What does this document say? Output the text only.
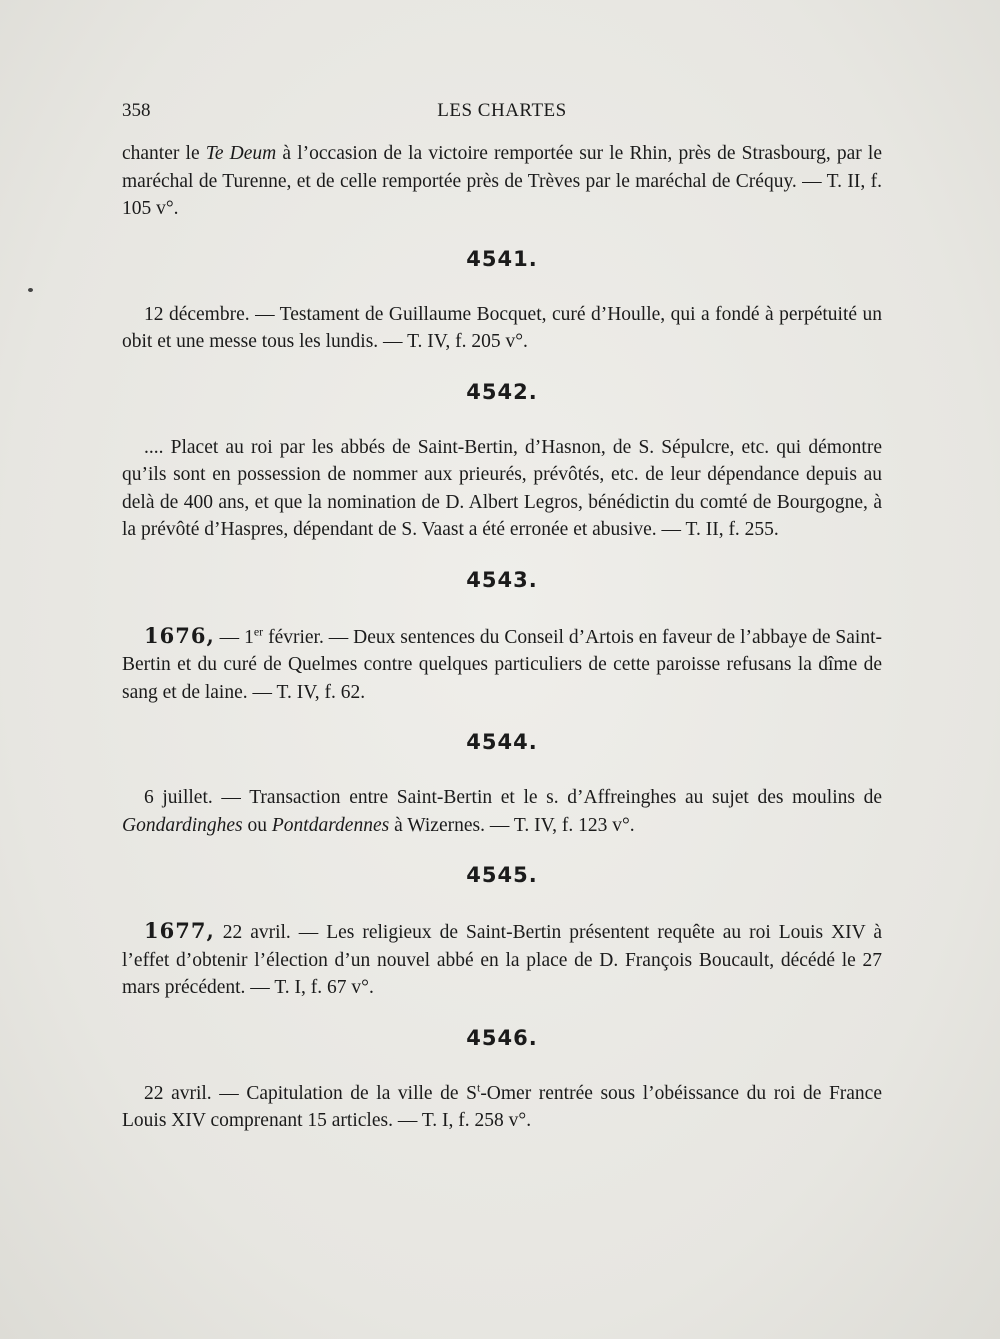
358	LES CHARTES

chanter le Te Deum à l’occasion de la victoire remportée sur le Rhin, près de Strasbourg, par le maréchal de Turenne, et de celle remportée près de Trèves par le maréchal de Créquy. — T. II, f. 105 v°.

4541.

12 décembre. — Testament de Guillaume Bocquet, curé d’Houlle, qui a fondé à perpétuité un obit et une messe tous les lundis. — T. IV, f. 205 v°.

4542.

.... Placet au roi par les abbés de Saint-Bertin, d’Hasnon, de S. Sépulcre, etc. qui démontre qu’ils sont en possession de nommer aux prieurés, prévôtés, etc. de leur dépendance depuis au delà de 400 ans, et que la nomination de D. Albert Legros, bénédictin du comté de Bourgogne, à la prévôté d’Haspres, dépendant de S. Vaast a été erronée et abusive. — T. II, f. 255.

4543.

1676, — 1er février. — Deux sentences du Conseil d’Artois en faveur de l’abbaye de Saint-Bertin et du curé de Quelmes contre quelques particuliers de cette paroisse refusans la dîme de sang et de laine. — T. IV, f. 62.

4544.

6 juillet. — Transaction entre Saint-Bertin et le s. d’Affreinghes au sujet des moulins de Gondardinghes ou Pontdardennes à Wizernes. — T. IV, f. 123 v°.

4545.

1677, 22 avril. — Les religieux de Saint-Bertin présentent requête au roi Louis XIV à l’effet d’obtenir l’élection d’un nouvel abbé en la place de D. François Boucault, décédé le 27 mars précédent. — T. I, f. 67 v°.

4546.

22 avril. — Capitulation de la ville de $S^t$-Omer rentrée sous l’obéissance du roi de France Louis XIV comprenant 15 articles. — T. I, f. 258 v°.
